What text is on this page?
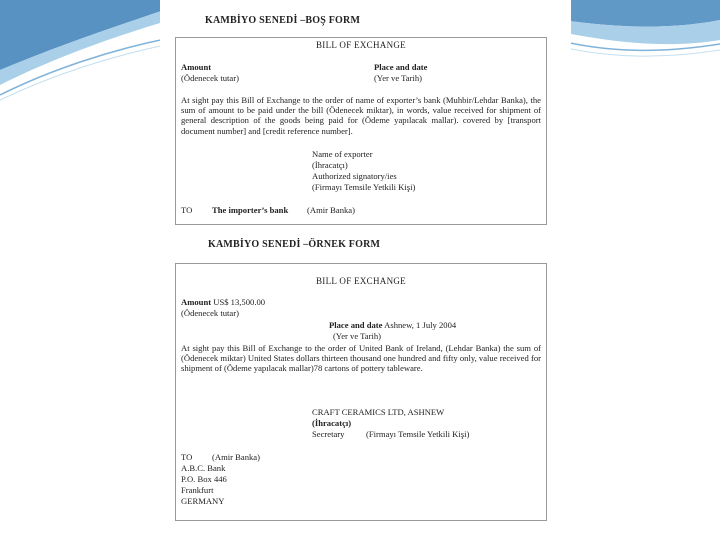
KAMBİYO SENEDİ –BOŞ FORM
BILL OF EXCHANGE
Amount
(Ödenecek tutar)
Place and date
(Yer ve Tarih)
At sight pay this Bill of Exchange to the order of name of exporter’s bank (Muhbir/Lehdar Banka), the sum of amount to be paid under the bill (Ödenecek miktar), in words, value received for shipment of general description of the goods being paid for (Ödeme yapılacak mallar). covered by [transport document number] and [credit reference number].
Name of exporter
(İhracatçı)
Authorized signatory/ies
(Firmayı Temsile Yetkili Kişi)
TO The importer’s bank (Amir Banka)
KAMBİYO SENEDİ –ÖRNEK FORM
BILL OF EXCHANGE
Amount US$ 13,500.00
(Ödenecek tutar)
Place and date Ashnew, 1 July 2004
(Yer ve Tarih)
At sight pay this Bill of Exchange to the order of United Bank of Ireland, (Lehdar Banka) the sum of (Ödenecek miktar) United States dollars thirteen thousand one hundred and fifty only, value received for shipment of (Ödeme yapılacak mallar)78 cartons of pottery tableware.
CRAFT CERAMICS LTD, ASHNEW
(İhracatçı)
Secretary	(Firmayı Temsile Yetkili Kişi)
TO (Amir Banka)
A.B.C. Bank
P.O. Box 446
Frankfurt
GERMANY
